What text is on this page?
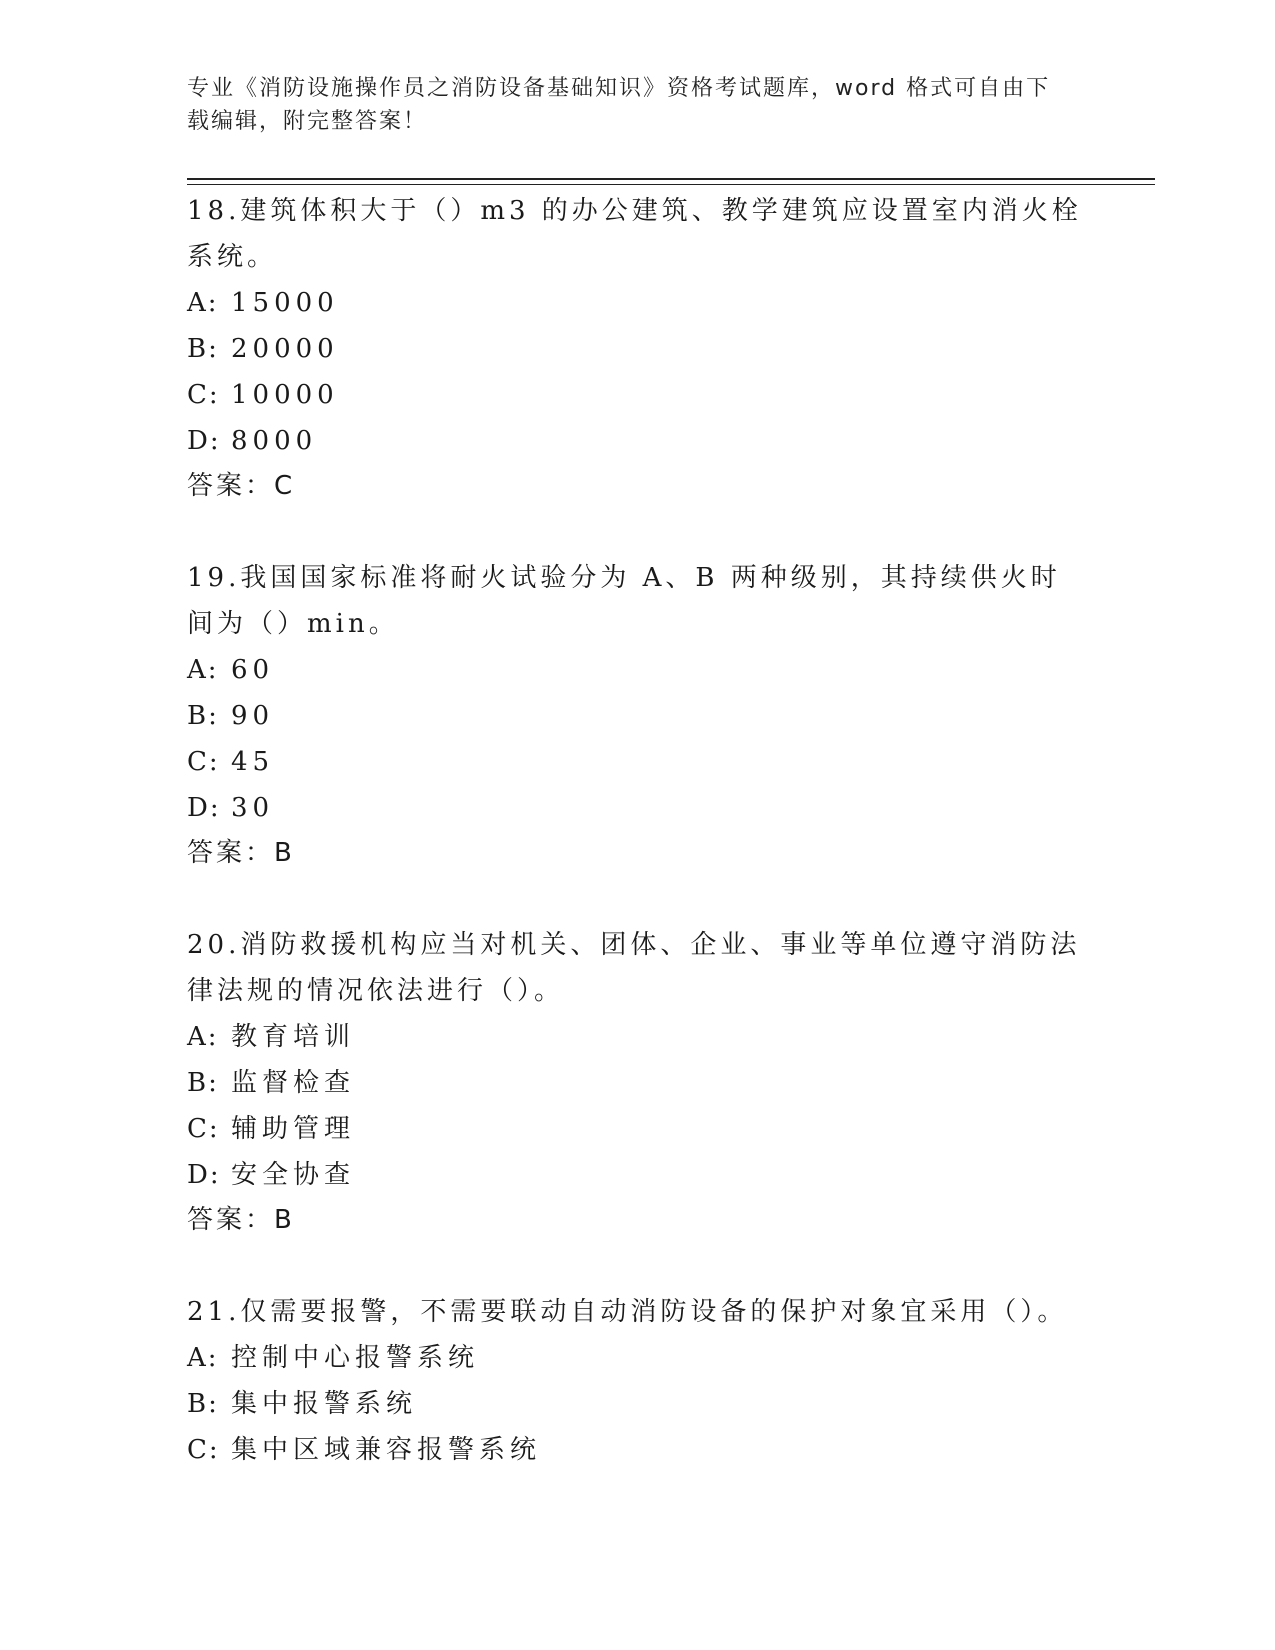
专业《消防设施操作员之消防设备基础知识》资格考试题库，word 格式可自由下
载编辑，附完整答案！

18.建筑体积大于（）m3 的办公建筑、教学建筑应设置室内消火栓系统。

A: 15000

B: 20000

C: 10000

D: 8000

答案：C

19.我国国家标准将耐火试验分为 A、B 两种级别，其持续供火时间为（）min。

A: 60

B: 90

C: 45

D: 30

答案：B

20.消防救援机构应当对机关、团体、企业、事业等单位遵守消防法律法规的情况依法进行（）。

A: 教育培训

B: 监督检查

C: 辅助管理

D: 安全协查

答案：B

21.仅需要报警，不需要联动自动消防设备的保护对象宜采用（）。

A: 控制中心报警系统

B: 集中报警系统

C: 集中区域兼容报警系统
